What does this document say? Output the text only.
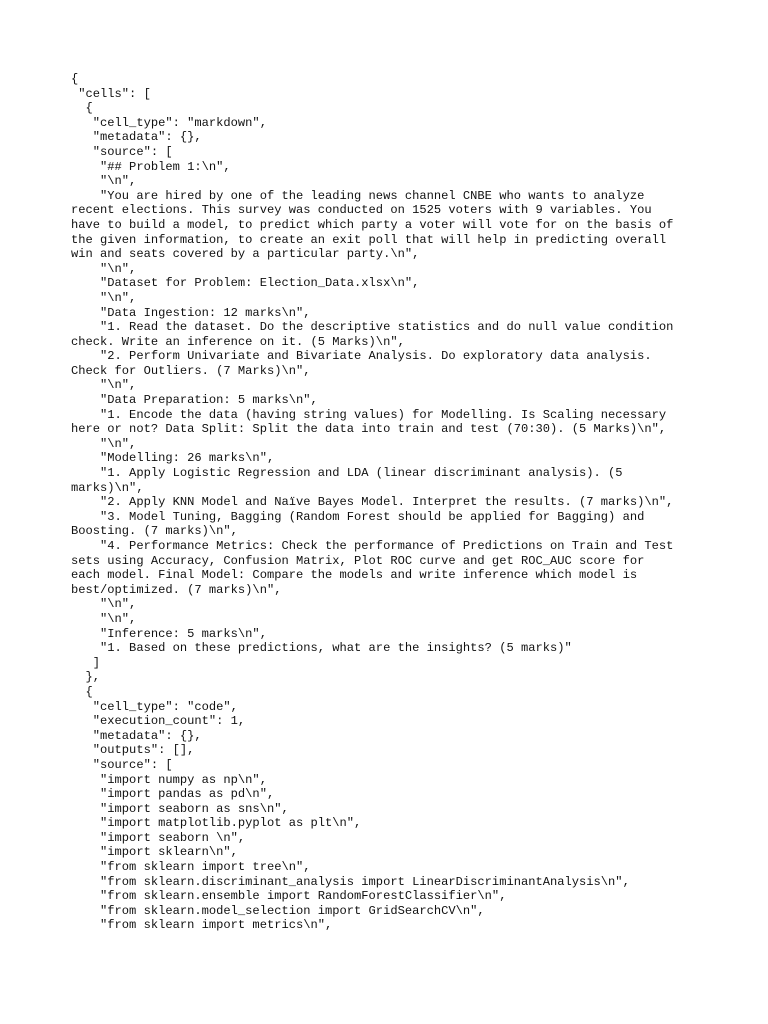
{
"cells": [
{
"cell_type": "markdown",
"metadata": {},
"source": [
"## Problem 1:\n",
"\n",
"You are hired by one of the leading news channel CNBE who wants to analyze
recent elections. This survey was conducted on 1525 voters with 9 variables. You
have to build a model, to predict which party a voter will vote for on the basis of
the given information, to create an exit poll that will help in predicting overall
win and seats covered by a particular party.\n",
"\n",
"Dataset for Problem: Election_Data.xlsx\n",
"\n",
"Data Ingestion: 12 marks\n",
"1. Read the dataset. Do the descriptive statistics and do null value condition
check. Write an inference on it. (5 Marks)\n",
"2. Perform Univariate and Bivariate Analysis. Do exploratory data analysis.
Check for Outliers. (7 Marks)\n",
"\n",
"Data Preparation: 5 marks\n",
"1. Encode the data (having string values) for Modelling. Is Scaling necessary
here or not? Data Split: Split the data into train and test (70:30). (5 Marks)\n",
"\n",
"Modelling: 26 marks\n",
"1. Apply Logistic Regression and LDA (linear discriminant analysis). (5
marks)\n",
"2. Apply KNN Model and Naïve Bayes Model. Interpret the results. (7 marks)\n",
"3. Model Tuning, Bagging (Random Forest should be applied for Bagging) and
Boosting. (7 marks)\n",
"4. Performance Metrics: Check the performance of Predictions on Train and Test
sets using Accuracy, Confusion Matrix, Plot ROC curve and get ROC_AUC score for
each model. Final Model: Compare the models and write inference which model is
best/optimized. (7 marks)\n",
"\n",
"\n",
"Inference: 5 marks\n",
"1. Based on these predictions, what are the insights? (5 marks)"
]
},
{
"cell_type": "code",
"execution_count": 1,
"metadata": {},
"outputs": [],
"source": [
"import numpy as np\n",
"import pandas as pd\n",
"import seaborn as sns\n",
"import matplotlib.pyplot as plt\n",
"import seaborn \n",
"import sklearn\n",
"from sklearn import tree\n",
"from sklearn.discriminant_analysis import LinearDiscriminantAnalysis\n",
"from sklearn.ensemble import RandomForestClassifier\n",
"from sklearn.model_selection import GridSearchCV\n",
"from sklearn import metrics\n",
